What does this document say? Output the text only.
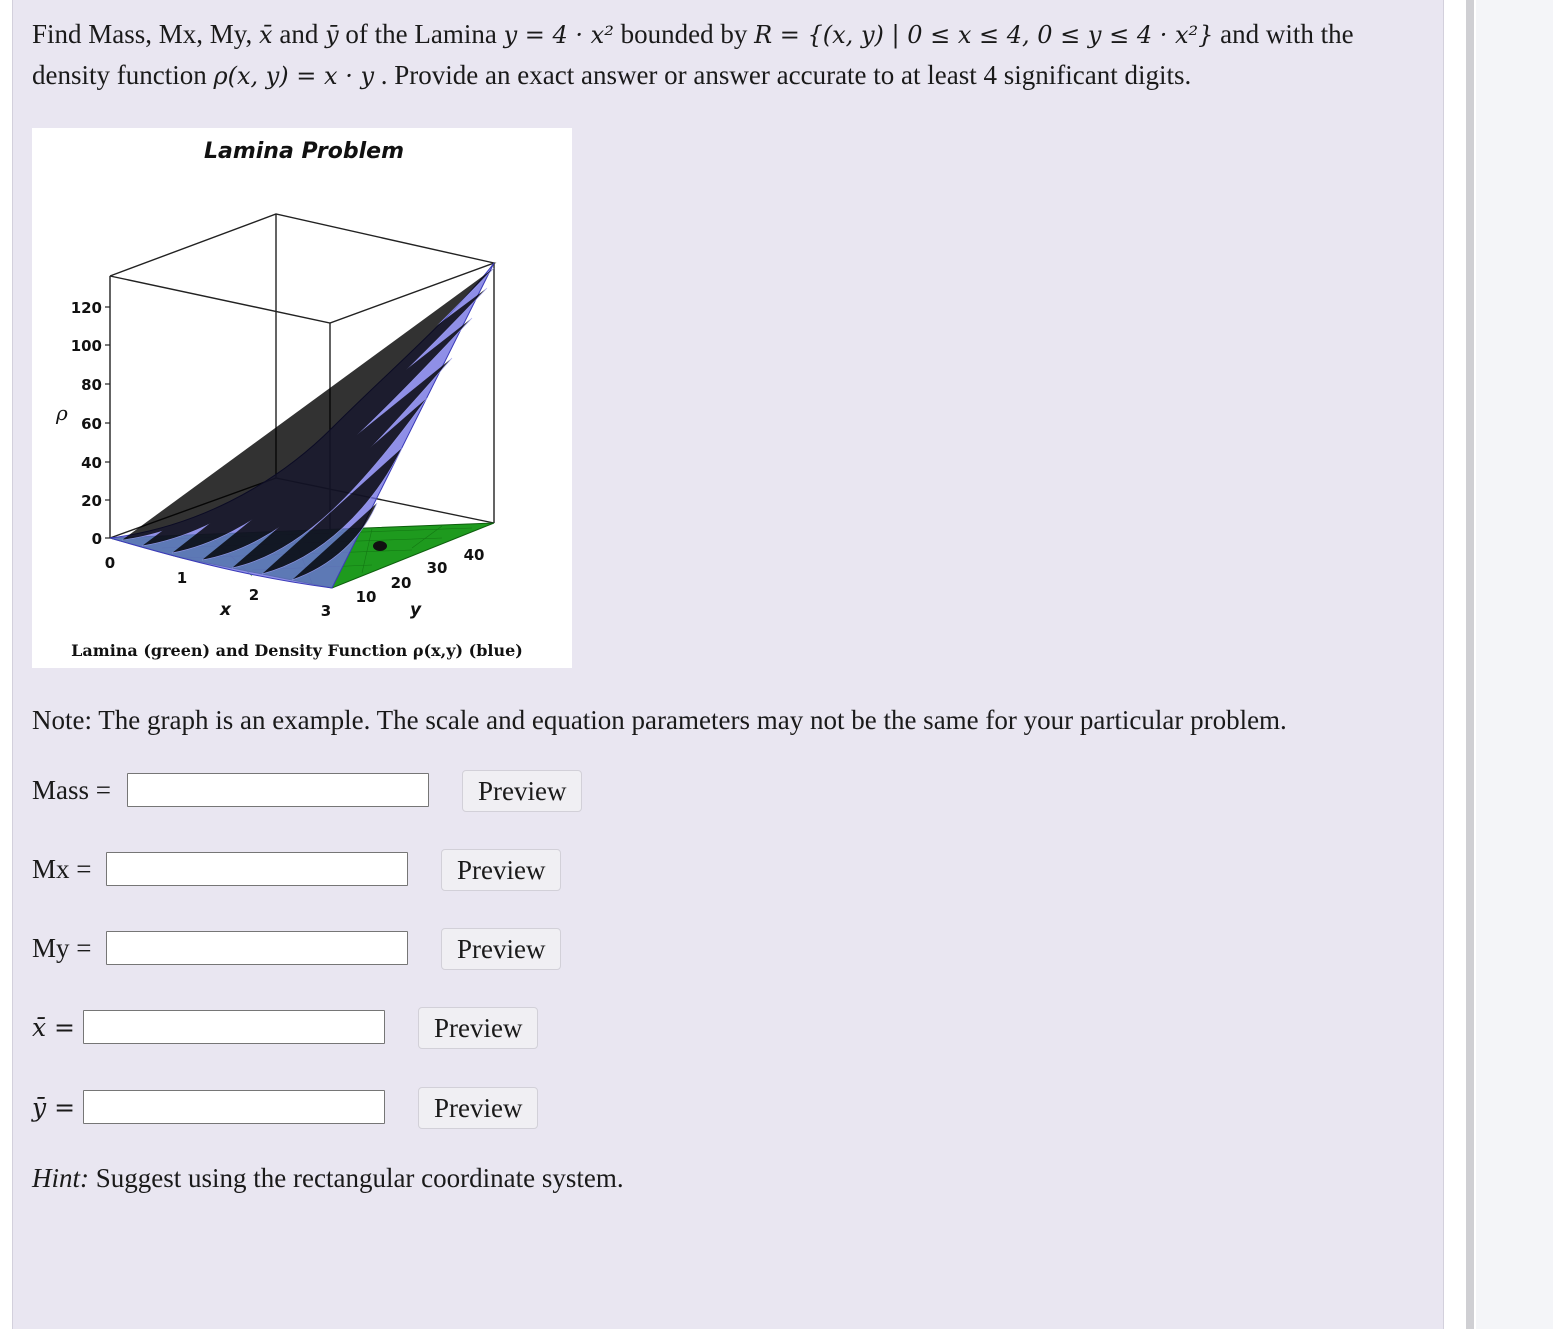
Find Mass, Mx, My, x̄ and ȳ of the Lamina y = 4 · x² bounded by R = {(x, y) | 0 ≤ x ≤ 4, 0 ≤ y ≤ 4 · x²} and with the density function ρ(x, y) = x · y . Provide an exact answer or answer accurate to at least 4 significant digits.
Lamina Problem
120
100
80
60
40
20
0
ρ
0
1
2
3
x
10
20
30
40
y
Lamina (green) and Density Function ρ(x,y) (blue)
Note: The graph is an example. The scale and equation parameters may not be the same for your particular problem.
Mass =	Preview
Mx =	Preview
My =	Preview
x̄ =	Preview
ȳ =	Preview
Hint: Suggest using the rectangular coordinate system.
